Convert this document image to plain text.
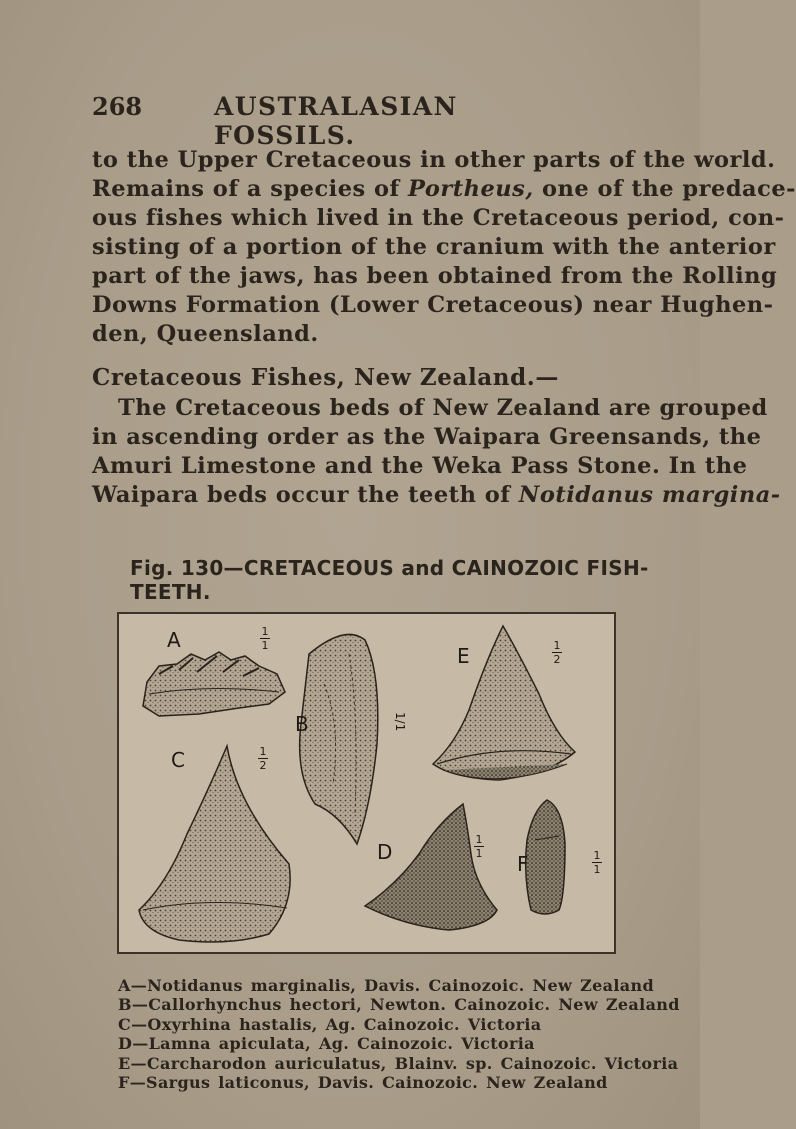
268	AUSTRALASIAN FOSSILS.
to the Upper Cretaceous in other parts of the world.
Remains of a species of Portheus, one of the predace-
ous fishes which lived in the Cretaceous period, con-
sisting of a portion of the cranium with the anterior
part of the jaws, has been obtained from the Rolling
Downs Formation (Lower Cretaceous) near Hughen-
den, Queensland.
Cretaceous Fishes, New Zealand.—
The Cretaceous beds of New Zealand are grouped
in ascending order as the Waipara Greensands, the
Amuri Limestone and the Weka Pass Stone. In the
Waipara beds occur the teeth of Notidanus margina-
Fig. 130—CRETACEOUS and CAINOZOIC FISH-TEETH.
A
B
C
D
E
F
1
1
1
2
1
2
1
1	1
1
1/1
A—Notidanus marginalis, Davis. Cainozoic. New Zealand
B—Callorhynchus hectori, Newton. Cainozoic. New Zealand
C—Oxyrhina hastalis, Ag. Cainozoic. Victoria
D—Lamna apiculata, Ag. Cainozoic. Victoria
E—Carcharodon auriculatus, Blainv. sp. Cainozoic. Victoria
F—Sargus laticonus, Davis. Cainozoic. New Zealand
